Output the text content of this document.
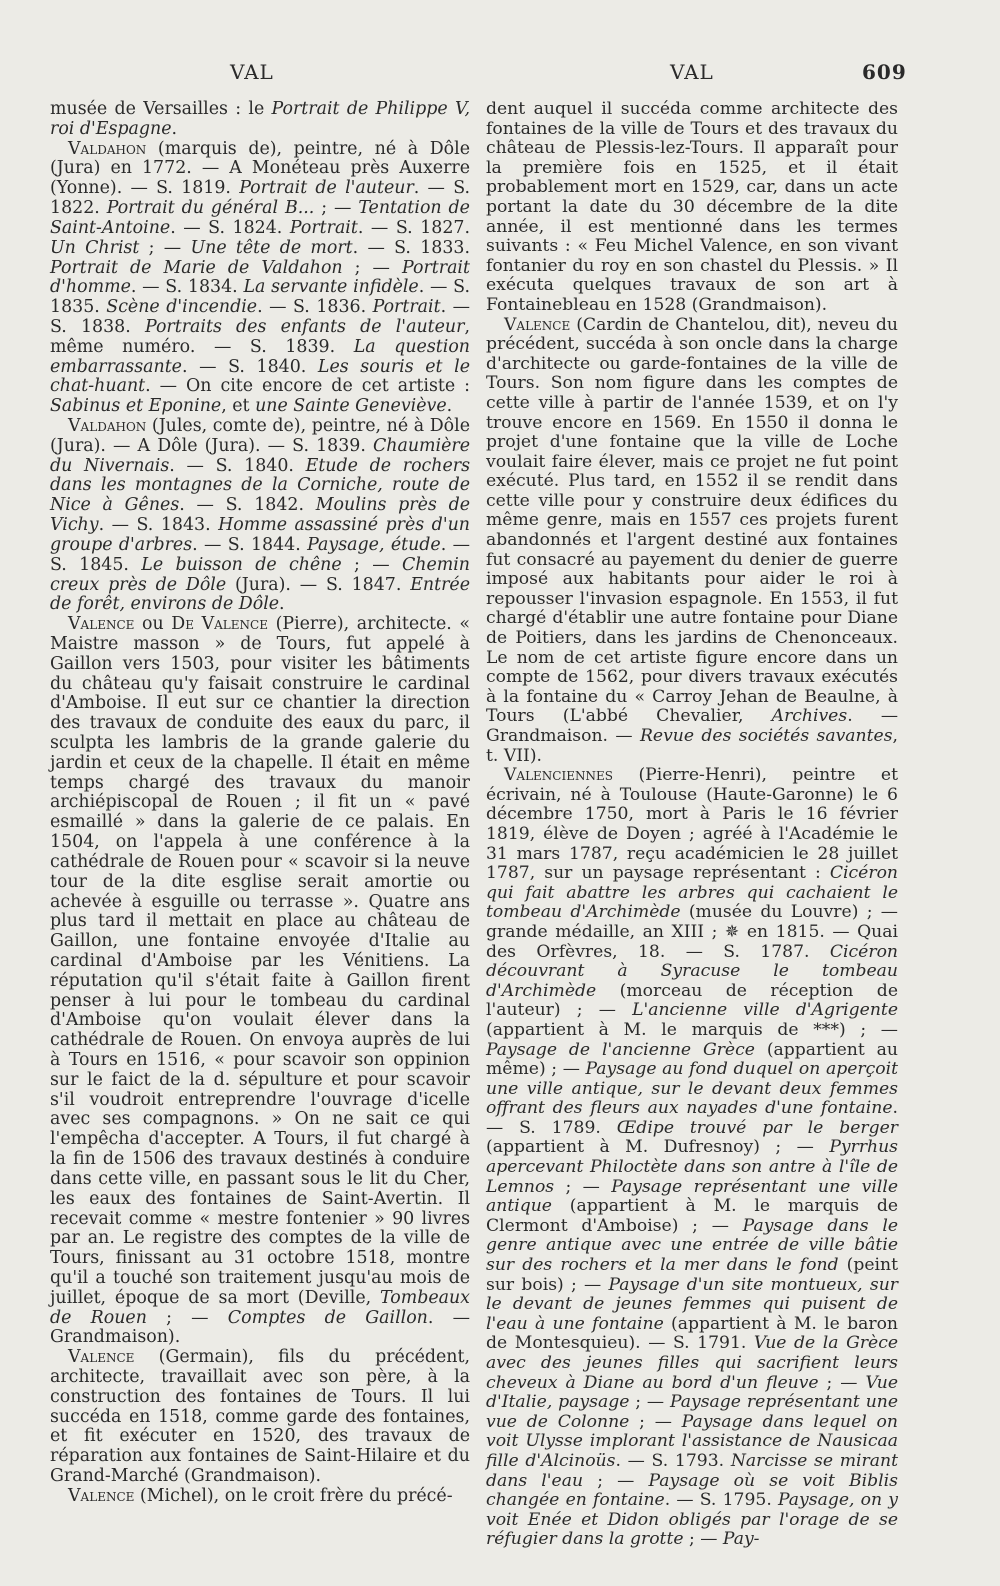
VAL	VAL	609

musée de Versailles : le Portrait de Philippe V, roi d'Espagne.

Valdahon (marquis de), peintre, né à Dôle (Jura) en 1772. — A Monéteau près Auxerre (Yonne). — S. 1819. Portrait de l'auteur. — S. 1822. Portrait du général B... ; — Tentation de Saint-Antoine. — S. 1824. Portrait. — S. 1827. Un Christ ; — Une tête de mort. — S. 1833. Portrait de Marie de Valdahon ; — Portrait d'homme. — S. 1834. La servante infidèle. — S. 1835. Scène d'incendie. — S. 1836. Portrait. — S. 1838. Portraits des enfants de l'auteur, même numéro. — S. 1839. La question embarrassante. — S. 1840. Les souris et le chat-huant. — On cite encore de cet artiste : Sabinus et Eponine, et une Sainte Geneviève.

Valdahon (Jules, comte de), peintre, né à Dôle (Jura). — A Dôle (Jura). — S. 1839. Chaumière du Nivernais. — S. 1840. Etude de rochers dans les montagnes de la Corniche, route de Nice à Gênes. — S. 1842. Moulins près de Vichy. — S. 1843. Homme assassiné près d'un groupe d'arbres. — S. 1844. Paysage, étude. — S. 1845. Le buisson de chêne ; — Chemin creux près de Dôle (Jura). — S. 1847. Entrée de forêt, environs de Dôle.

Valence ou De Valence (Pierre), architecte. « Maistre masson » de Tours, fut appelé à Gaillon vers 1503, pour visiter les bâtiments du château qu'y faisait construire le cardinal d'Amboise. Il eut sur ce chantier la direction des travaux de conduite des eaux du parc, il sculpta les lambris de la grande galerie du jardin et ceux de la chapelle. Il était en même temps chargé des travaux du manoir archiépiscopal de Rouen ; il fit un « pavé esmaillé » dans la galerie de ce palais. En 1504, on l'appela à une conférence à la cathédrale de Rouen pour « scavoir si la neuve tour de la dite esglise serait amortie ou achevée à esguille ou terrasse ». Quatre ans plus tard il mettait en place au château de Gaillon, une fontaine envoyée d'Italie au cardinal d'Amboise par les Vénitiens. La réputation qu'il s'était faite à Gaillon firent penser à lui pour le tombeau du cardinal d'Amboise qu'on voulait élever dans la cathédrale de Rouen. On envoya auprès de lui à Tours en 1516, « pour scavoir son oppinion sur le faict de la d. sépulture et pour scavoir s'il voudroit entreprendre l'ouvrage d'icelle avec ses compagnons. » On ne sait ce qui l'empêcha d'accepter. A Tours, il fut chargé à la fin de 1506 des travaux destinés à conduire dans cette ville, en passant sous le lit du Cher, les eaux des fontaines de Saint-Avertin. Il recevait comme « mestre fontenier » 90 livres par an. Le registre des comptes de la ville de Tours, finissant au 31 octobre 1518, montre qu'il a touché son traitement jusqu'au mois de juillet, époque de sa mort (Deville, Tombeaux de Rouen ; — Comptes de Gaillon. — Grandmaison).

Valence (Germain), fils du précédent, architecte, travaillait avec son père, à la construction des fontaines de Tours. Il lui succéda en 1518, comme garde des fontaines, et fit exécuter en 1520, des travaux de réparation aux fontaines de Saint-Hilaire et du Grand-Marché (Grandmaison).

Valence (Michel), on le croit frère du précé-

dent auquel il succéda comme architecte des fontaines de la ville de Tours et des travaux du château de Plessis-lez-Tours. Il apparaît pour la première fois en 1525, et il était probablement mort en 1529, car, dans un acte portant la date du 30 décembre de la dite année, il est mentionné dans les termes suivants : « Feu Michel Valence, en son vivant fontanier du roy en son chastel du Plessis. » Il exécuta quelques travaux de son art à Fontainebleau en 1528 (Grandmaison).

Valence (Cardin de Chantelou, dit), neveu du précédent, succéda à son oncle dans la charge d'architecte ou garde-fontaines de la ville de Tours. Son nom figure dans les comptes de cette ville à partir de l'année 1539, et on l'y trouve encore en 1569. En 1550 il donna le projet d'une fontaine que la ville de Loche voulait faire élever, mais ce projet ne fut point exécuté. Plus tard, en 1552 il se rendit dans cette ville pour y construire deux édifices du même genre, mais en 1557 ces projets furent abandonnés et l'argent destiné aux fontaines fut consacré au payement du denier de guerre imposé aux habitants pour aider le roi à repousser l'invasion espagnole. En 1553, il fut chargé d'établir une autre fontaine pour Diane de Poitiers, dans les jardins de Chenonceaux. Le nom de cet artiste figure encore dans un compte de 1562, pour divers travaux exécutés à la fontaine du « Carroy Jehan de Beaulne, à Tours (L'abbé Chevalier, Archives. — Grandmaison. — Revue des sociétés savantes, t. VII).

Valenciennes (Pierre-Henri), peintre et écrivain, né à Toulouse (Haute-Garonne) le 6 décembre 1750, mort à Paris le 16 février 1819, élève de Doyen ; agréé à l'Académie le 31 mars 1787, reçu académicien le 28 juillet 1787, sur un paysage représentant : Cicéron qui fait abattre les arbres qui cachaient le tombeau d'Archimède (musée du Louvre) ; — grande médaille, an XIII ; ✵ en 1815. — Quai des Orfèvres, 18. — S. 1787. Cicéron découvrant à Syracuse le tombeau d'Archimède (morceau de réception de l'auteur) ; — L'ancienne ville d'Agrigente (appartient à M. le marquis de ***) ; — Paysage de l'ancienne Grèce (appartient au même) ; — Paysage au fond duquel on aperçoit une ville antique, sur le devant deux femmes offrant des fleurs aux nayades d'une fontaine. — S. 1789. Œdipe trouvé par le berger (appartient à M. Dufresnoy) ; — Pyrrhus apercevant Philoctète dans son antre à l'île de Lemnos ; — Paysage représentant une ville antique (appartient à M. le marquis de Clermont d'Amboise) ; — Paysage dans le genre antique avec une entrée de ville bâtie sur des rochers et la mer dans le fond (peint sur bois) ; — Paysage d'un site montueux, sur le devant de jeunes femmes qui puisent de l'eau à une fontaine (appartient à M. le baron de Montesquieu). — S. 1791. Vue de la Grèce avec des jeunes filles qui sacrifient leurs cheveux à Diane au bord d'un fleuve ; — Vue d'Italie, paysage ; — Paysage représentant une vue de Colonne ; — Paysage dans lequel on voit Ulysse implorant l'assistance de Nausicaa fille d'Alcinoüs. — S. 1793. Narcisse se mirant dans l'eau ; — Paysage où se voit Biblis changée en fontaine. — S. 1795. Paysage, on y voit Enée et Didon obligés par l'orage de se réfugier dans la grotte ; — Pay-
